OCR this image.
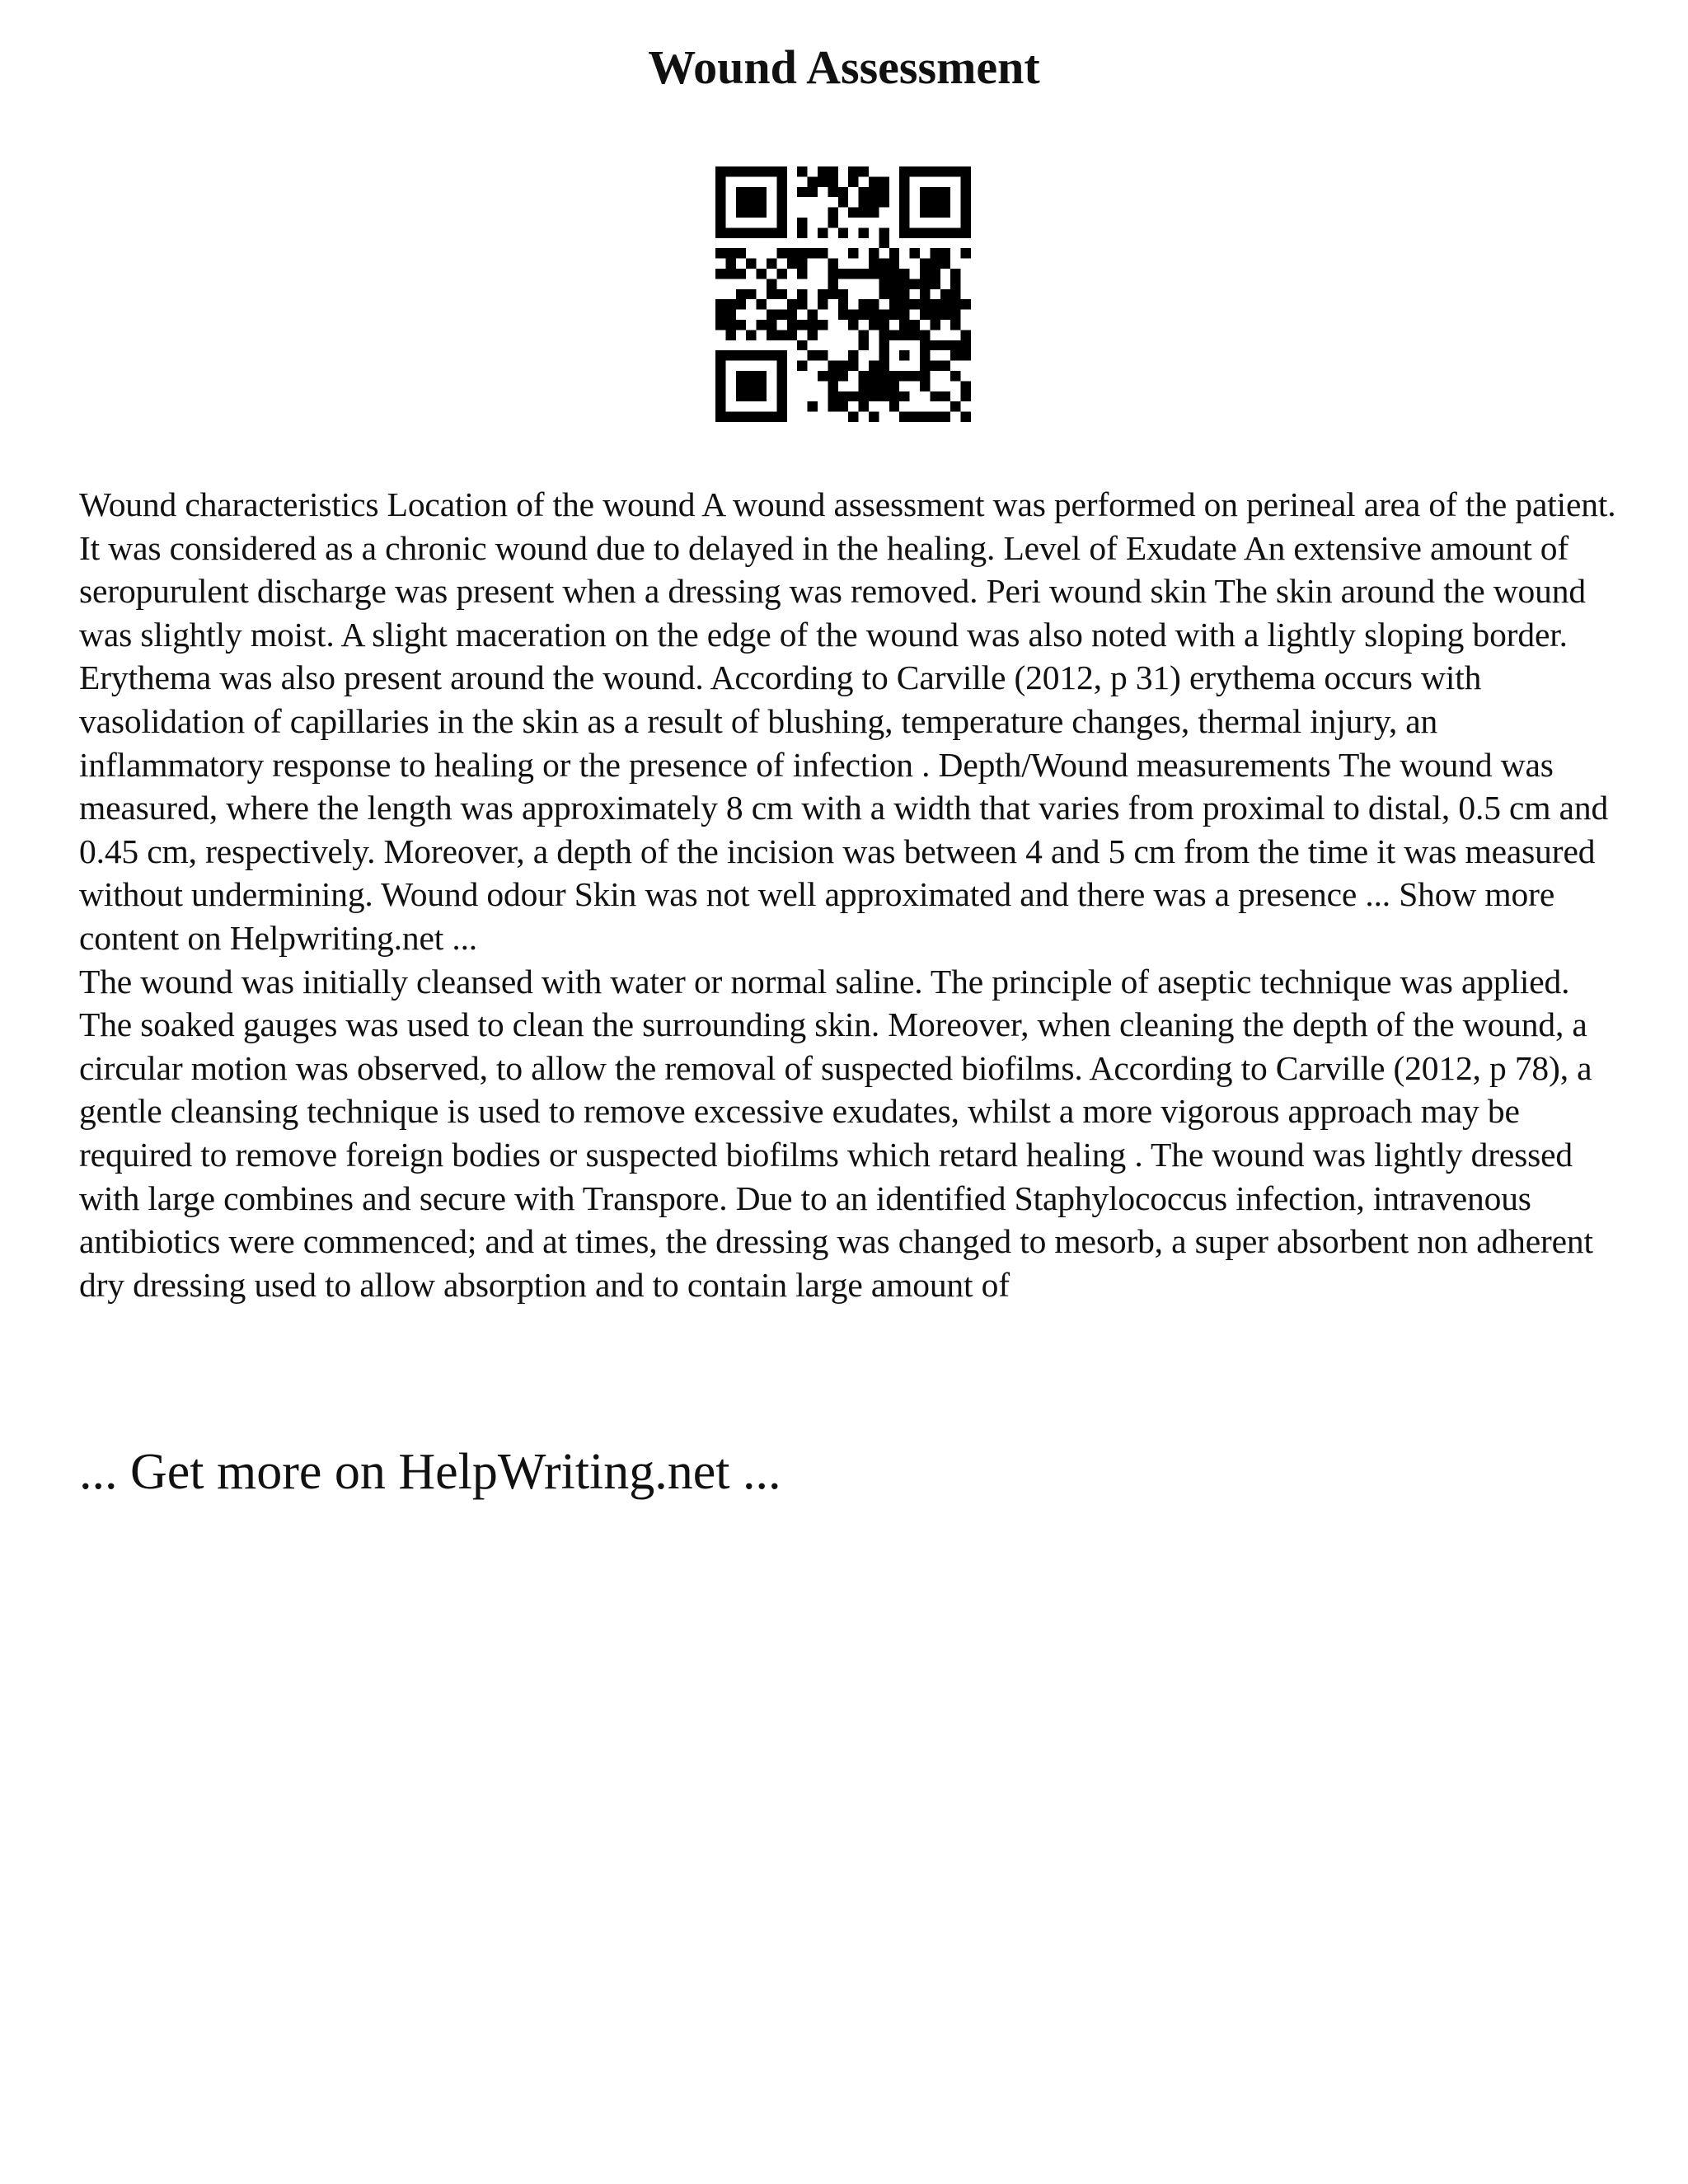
Wound Assessment

Wound characteristics Location of the wound A wound assessment was performed on perineal area of the patient. It was considered as a chronic wound due to delayed in the healing. Level of Exudate An extensive amount of seropurulent discharge was present when a dressing was removed. Peri wound skin The skin around the wound was slightly moist. A slight maceration on the edge of the wound was also noted with a lightly sloping border. Erythema was also present around the wound. According to Carville (2012, p 31) erythema occurs with vasolidation of capillaries in the skin as a result of blushing, temperature changes, thermal injury, an inflammatory response to healing or the presence of infection . Depth/Wound measurements The wound was measured, where the length was approximately 8 cm with a width that varies from proximal to distal, 0.5 cm and 0.45 cm, respectively. Moreover, a depth of the incision was between 4 and 5 cm from the time it was measured without undermining. Wound odour Skin was not well approximated and there was a presence ... Show more content on Helpwriting.net ...

The wound was initially cleansed with water or normal saline. The principle of aseptic technique was applied. The soaked gauges was used to clean the surrounding skin. Moreover, when cleaning the depth of the wound, a circular motion was observed, to allow the removal of suspected biofilms. According to Carville (2012, p 78), a gentle cleansing technique is used to remove excessive exudates, whilst a more vigorous approach may be required to remove foreign bodies or suspected biofilms which retard healing . The wound was lightly dressed with large combines and secure with Transpore. Due to an identified Staphylococcus infection, intravenous antibiotics were commenced; and at times, the dressing was changed to mesorb, a super absorbent non adherent dry dressing used to allow absorption and to contain large amount of

... Get more on HelpWriting.net ...
